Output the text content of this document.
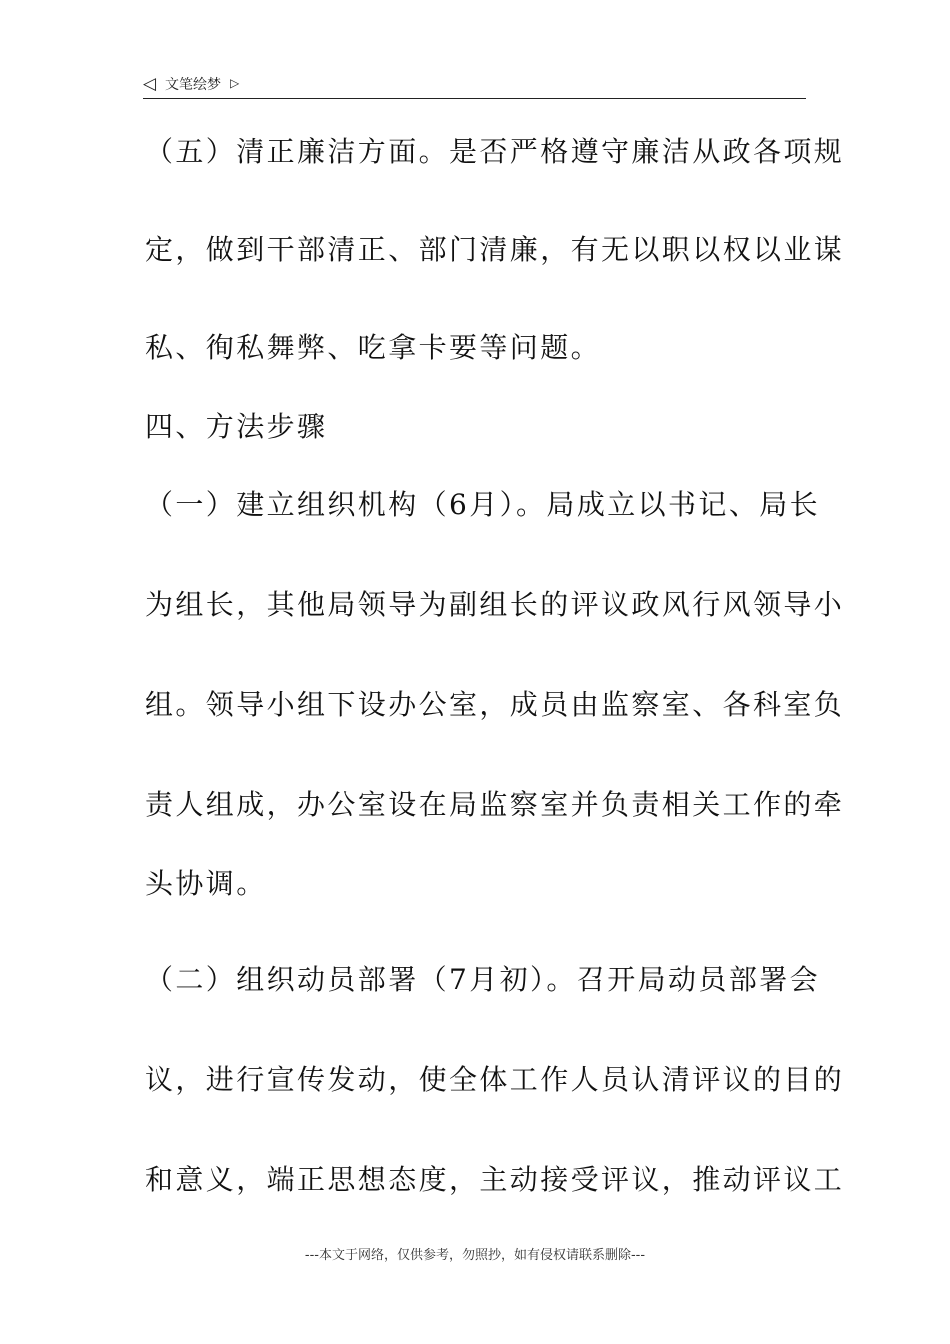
◁ 文笔绘梦 ▷
（五）清正廉洁方面。是否严格遵守廉洁从政各项规
定，做到干部清正、部门清廉，有无以职以权以业谋
私、徇私舞弊、吃拿卡要等问题。
四、方法步骤
（一）建立组织机构（6月）。局成立以书记、局长
为组长，其他局领导为副组长的评议政风行风领导小
组。领导小组下设办公室，成员由监察室、各科室负
责人组成，办公室设在局监察室并负责相关工作的牵
头协调。
（二）组织动员部署（7月初）。召开局动员部署会
议，进行宣传发动，使全体工作人员认清评议的目的
和意义，端正思想态度，主动接受评议，推动评议工
---本文于网络，仅供参考，勿照抄，如有侵权请联系删除---
